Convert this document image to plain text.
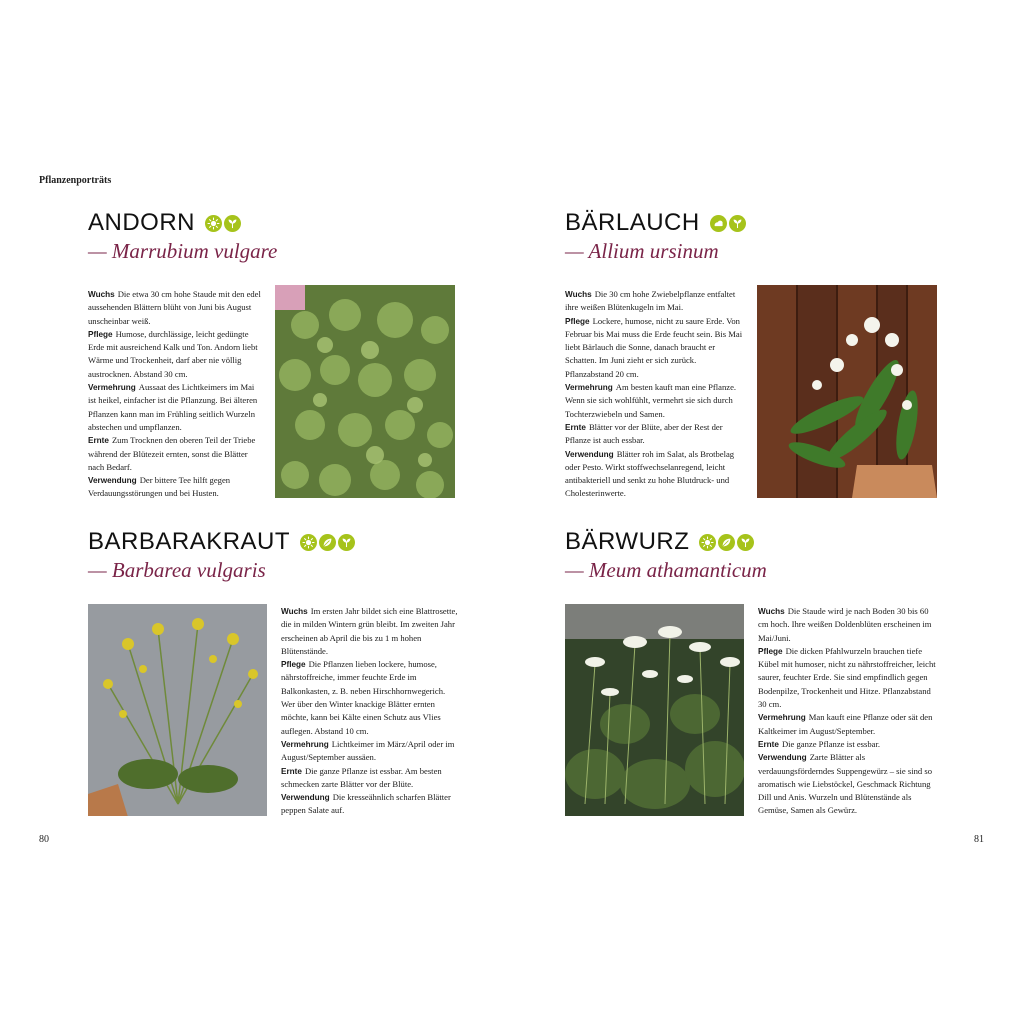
Pflanzenporträts
ANDORN
— Marrubium vulgare

Wuchs Die etwa 30 cm hohe Staude mit den edel aussehenden Blättern blüht von Juni bis August unscheinbar weiß.

Pflege Humose, durchlässige, leicht gedüngte Erde mit ausreichend Kalk und Ton. Andorn liebt Wärme und Trockenheit, darf aber nie völlig austrocknen. Abstand 30 cm.

Vermehrung Aussaat des Lichtkeimers im Mai ist heikel, einfacher ist die Pflanzung. Bei älteren Pflanzen kann man im Frühling seitlich Wurzeln abstechen und umpflanzen.

Ernte Zum Trocknen den oberen Teil der Triebe während der Blütezeit ernten, sonst die Blätter nach Bedarf.

Verwendung Der bittere Tee hilft gegen Verdauungsstörungen und bei Husten.

BÄRLAUCH
— Allium ursinum

Wuchs Die 30 cm hohe Zwiebelpflanze entfaltet ihre weißen Blütenkugeln im Mai.

Pflege Lockere, humose, nicht zu saure Erde. Von Februar bis Mai muss die Erde feucht sein. Bis Mai liebt Bärlauch die Sonne, danach braucht er Schatten. Im Juni zieht er sich zurück. Pflanzabstand 20 cm.

Vermehrung Am besten kauft man eine Pflanze. Wenn sie sich wohlfühlt, vermehrt sie sich durch Tochterzwiebeln und Samen.

Ernte Blätter vor der Blüte, aber der Rest der Pflanze ist auch essbar.

Verwendung Blätter roh im Salat, als Brotbelag oder Pesto. Wirkt stoffwechselanregend, leicht antibakteriell und senkt zu hohe Blutdruck- und Cholesterinwerte.

BARBARAKRAUT
— Barbarea vulgaris

Wuchs Im ersten Jahr bildet sich eine Blattrosette, die in milden Wintern grün bleibt. Im zweiten Jahr erscheinen ab April die bis zu 1 m hohen Blütenstände.

Pflege Die Pflanzen lieben lockere, humose, nährstoffreiche, immer feuchte Erde im Balkonkasten, z. B. neben Hirschhornwegerich. Wer über den Winter knackige Blätter ernten möchte, kann bei Kälte einen Schutz aus Vlies auflegen. Abstand 10 cm.

Vermehrung Lichtkeimer im März/April oder im August/September aussäen.

Ernte Die ganze Pflanze ist essbar. Am besten schmecken zarte Blätter vor der Blüte.

Verwendung Die kresseähnlich scharfen Blätter peppen Salate auf.

BÄRWURZ
— Meum athamanticum

Wuchs Die Staude wird je nach Boden 30 bis 60 cm hoch. Ihre weißen Doldenblüten erscheinen im Mai/Juni.

Pflege Die dicken Pfahlwurzeln brauchen tiefe Kübel mit humoser, nicht zu nährstoffreicher, leicht saurer, feuchter Erde. Sie sind empfindlich gegen Bodenpilze, Trockenheit und Hitze. Pflanzabstand 30 cm.

Vermehrung Man kauft eine Pflanze oder sät den Kaltkeimer im August/September.

Ernte Die ganze Pflanze ist essbar.

Verwendung Zarte Blätter als verdauungsförderndes Suppengewürz – sie sind so aromatisch wie Liebstöckel, Geschmack Richtung Dill und Anis. Wurzeln und Blütenstände als Gemüse, Samen als Gewürz.

80	81
